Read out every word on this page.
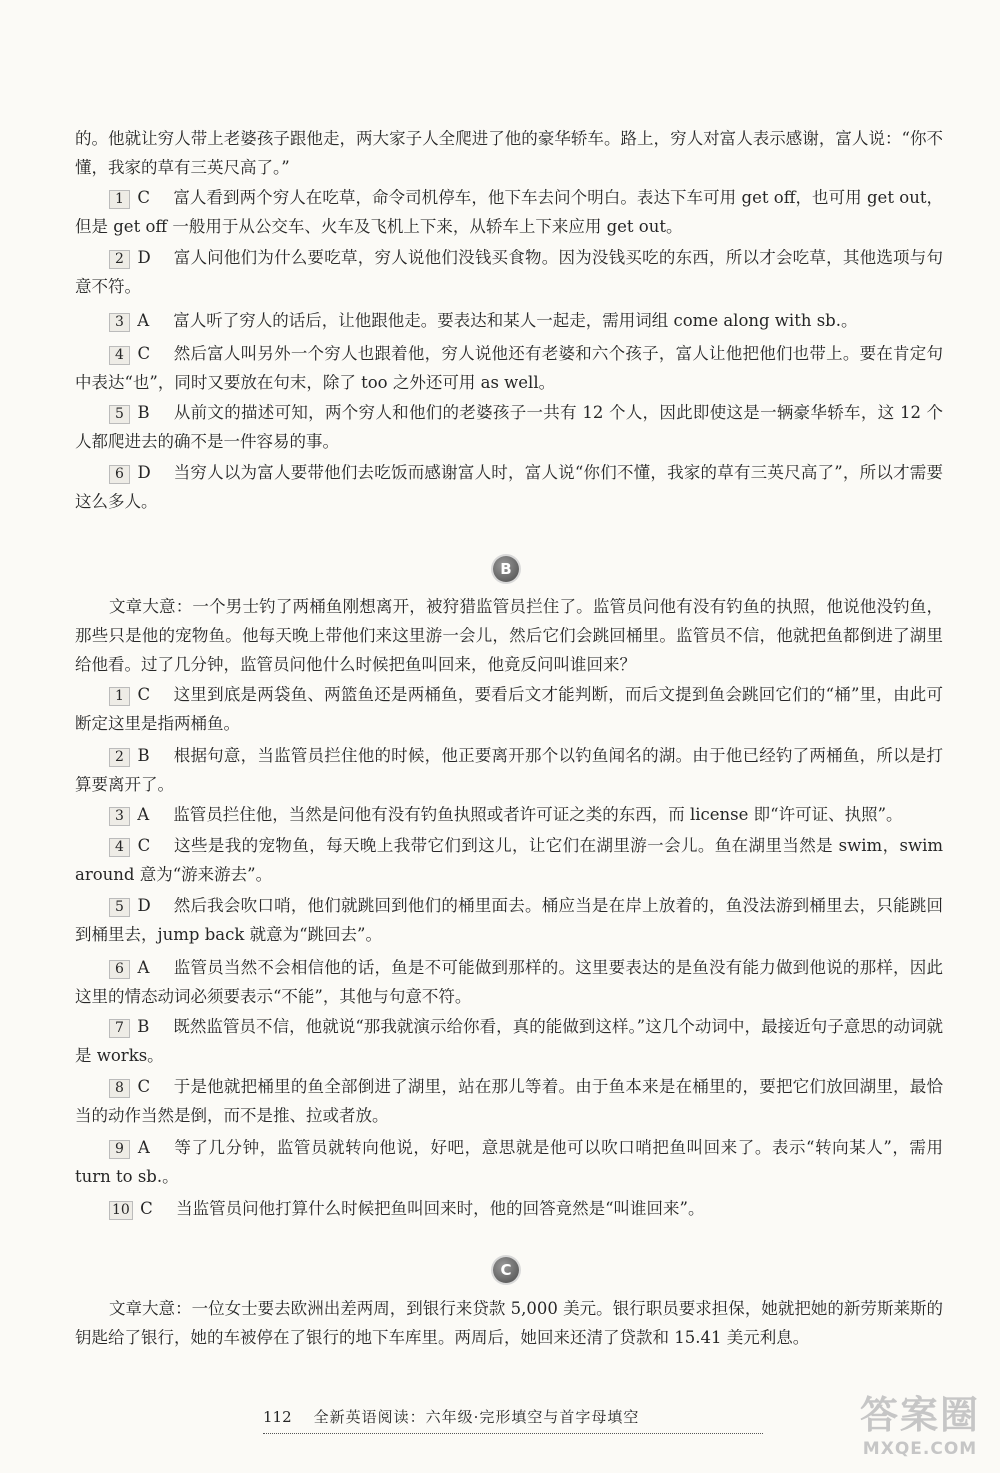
的。他就让穷人带上老婆孩子跟他走，两大家子人全爬进了他的豪华轿车。路上，穷人对富人表示感谢，富人说：“你不懂，我家的草有三英尺高了。”

1 C 富人看到两个穷人在吃草，命令司机停车，他下车去问个明白。表达下车可用 get off，也可用 get out，但是 get off 一般用于从公交车、火车及飞机上下来，从轿车上下来应用 get out。

2 D 富人问他们为什么要吃草，穷人说他们没钱买食物。因为没钱买吃的东西，所以才会吃草，其他选项与句意不符。

3 A 富人听了穷人的话后，让他跟他走。要表达和某人一起走，需用词组 come along with sb.。

4 C 然后富人叫另外一个穷人也跟着他，穷人说他还有老婆和六个孩子，富人让他把他们也带上。要在肯定句中表达“也”，同时又要放在句末，除了 too 之外还可用 as well。

5 B 从前文的描述可知，两个穷人和他们的老婆孩子一共有 12 个人，因此即使这是一辆豪华轿车，这 12 个人都爬进去的确不是一件容易的事。

6 D 当穷人以为富人要带他们去吃饭而感谢富人时，富人说“你们不懂，我家的草有三英尺高了”，所以才需要这么多人。

B

文章大意：一个男士钓了两桶鱼刚想离开，被狩猎监管员拦住了。监管员问他有没有钓鱼的执照，他说他没钓鱼，那些只是他的宠物鱼。他每天晚上带他们来这里游一会儿，然后它们会跳回桶里。监管员不信，他就把鱼都倒进了湖里给他看。过了几分钟，监管员问他什么时候把鱼叫回来，他竟反问叫谁回来？

1 C 这里到底是两袋鱼、两篮鱼还是两桶鱼，要看后文才能判断，而后文提到鱼会跳回它们的“桶”里，由此可断定这里是指两桶鱼。

2 B 根据句意，当监管员拦住他的时候，他正要离开那个以钓鱼闻名的湖。由于他已经钓了两桶鱼，所以是打算要离开了。

3 A 监管员拦住他，当然是问他有没有钓鱼执照或者许可证之类的东西，而 license 即“许可证、执照”。

4 C 这些是我的宠物鱼，每天晚上我带它们到这儿，让它们在湖里游一会儿。鱼在湖里当然是 swim，swim around 意为“游来游去”。

5 D 然后我会吹口哨，他们就跳回到他们的桶里面去。桶应当是在岸上放着的，鱼没法游到桶里去，只能跳回到桶里去，jump back 就意为“跳回去”。

6 A 监管员当然不会相信他的话，鱼是不可能做到那样的。这里要表达的是鱼没有能力做到他说的那样，因此这里的情态动词必须要表示“不能”，其他与句意不符。

7 B 既然监管员不信，他就说“那我就演示给你看，真的能做到这样。”这几个动词中，最接近句子意思的动词就是 works。

8 C 于是他就把桶里的鱼全部倒进了湖里，站在那儿等着。由于鱼本来是在桶里的，要把它们放回湖里，最恰当的动作当然是倒，而不是推、拉或者放。

9 A 等了几分钟，监管员就转向他说，好吧，意思就是他可以吹口哨把鱼叫回来了。表示“转向某人”，需用 turn to sb.。

10 C 当监管员问他打算什么时候把鱼叫回来时，他的回答竟然是“叫谁回来”。

C

文章大意：一位女士要去欧洲出差两周，到银行来贷款 5,000 美元。银行职员要求担保，她就把她的新劳斯莱斯的钥匙给了银行，她的车被停在了银行的地下车库里。两周后，她回来还清了贷款和 15.41 美元利息。

112 全新英语阅读：六年级·完形填空与首字母填空	答案圈
MXQE.COM
